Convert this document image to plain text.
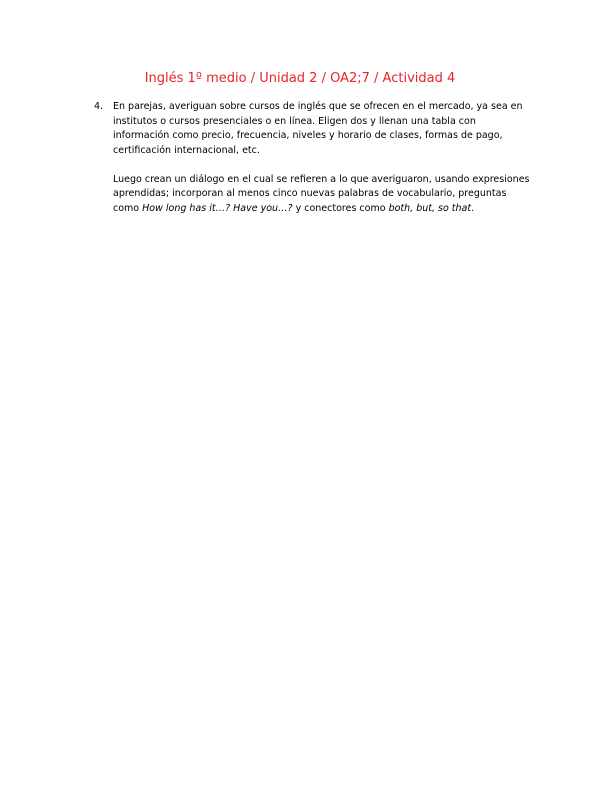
Inglés 1º medio / Unidad 2 / OA2;7 / Actividad 4
4. En parejas, averiguan sobre cursos de inglés que se ofrecen en el mercado, ya sea en institutos o cursos presenciales o en línea. Eligen dos y llenan una tabla con información como precio, frecuencia, niveles y horario de clases, formas de pago, certificación internacional, etc.

Luego crean un diálogo en el cual se refieren a lo que averiguaron, usando expresiones aprendidas; incorporan al menos cinco nuevas palabras de vocabulario, preguntas como How long has it…? Have you…? y conectores como both, but, so that.
